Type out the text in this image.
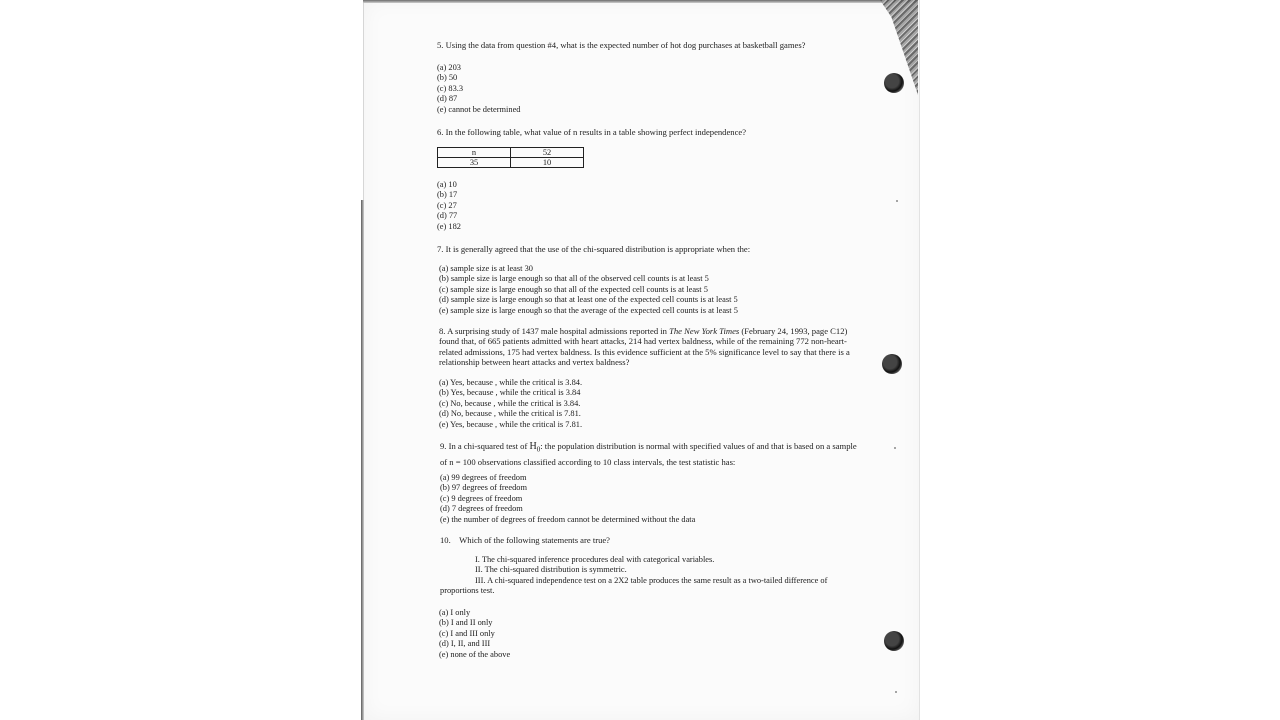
5. Using the data from question #4, what is the expected number of hot dog purchases at basketball games?

(a) 203

(b) 50

(c) 83.3

(d) 87

(e) cannot be determined

6. In the following table, what value of n results in a table showing perfect independence?

n	52
35	10

(a) 10

(b) 17

(c) 27

(d) 77

(e) 182

7. It is generally agreed that the use of the chi-squared distribution is appropriate when the:

(a) sample size is at least 30

(b) sample size is large enough so that all of the observed cell counts is at least 5

(c) sample size is large enough so that all of the expected cell counts is at least 5

(d) sample size is large enough so that at least one of the expected cell counts is at least 5

(e) sample size is large enough so that the average of the expected cell counts is at least 5

8. A surprising study of 1437 male hospital admissions reported in The New York Times (February 24, 1993, page C12) found that, of 665 patients admitted with heart attacks, 214 had vertex baldness, while of the remaining 772 non-heart-related admissions, 175 had vertex baldness. Is this evidence sufficient at the 5% significance level to say that there is a relationship between heart attacks and vertex baldness?

(a) Yes, because , while the critical is 3.84.

(b) Yes, because , while the critical is 3.84

(c) No, because , while the critical is 3.84.

(d) No, because , while the critical is 7.81.

(e) Yes, because , while the critical is 7.81.

9. In a chi-squared test of $H_0$: the population distribution is normal with specified values of and that is based on a sample of n = 100 observations classified according to 10 class intervals, the test statistic has:

(a) 99 degrees of freedom

(b) 97 degrees of freedom

(c) 9 degrees of freedom

(d) 7 degrees of freedom

(e) the number of degrees of freedom cannot be determined without the data

10.    Which of the following statements are true?

I. The chi-squared inference procedures deal with categorical variables.

II. The chi-squared distribution is symmetric.

III. A chi-squared independence test on a 2X2 table produces the same result as a two-tailed difference of

proportions test.

(a) I only

(b) I and II only

(c) I and III only

(d) I, II, and III

(e) none of the above
